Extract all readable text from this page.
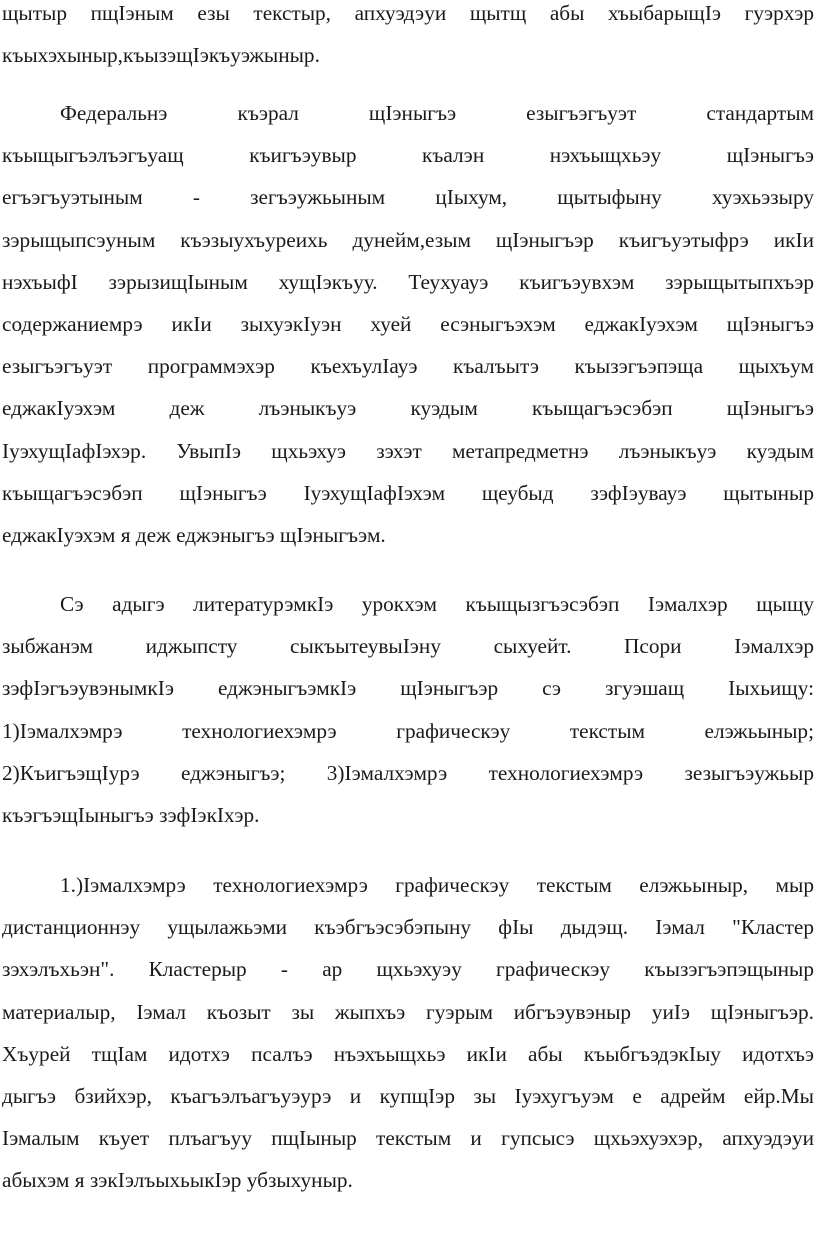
щытыр пщIэным езы текстыр, апхуэдэуи щытщ абы хъыбарыщIэ гуэрхэр
къыхэхыныр,къызэщIэкъуэжыныр.

Федеральнэ къэрал щIэныгъэ езыгъэгъуэт стандартым
къыщыгъэлъэгъуащ къигъэувыр къалэн нэхъыщхьэу щIэныгъэ
егъэгъуэтыным - зегъэужьыным цIыхум, щытыфыну хуэхьэзыру
зэрыщыпсэуным къэзыухъуреихь дунейм,езым щIэныгъэр къигъуэтыфрэ икIи
нэхъыфI зэрызищIыным хущIэкъуу. Теухуауэ къигъэувхэм зэрыщытыпхъэр
содержаниемрэ икIи зыхуэкIуэн хуей есэныгъэхэм еджакIуэхэм щIэныгъэ
езыгъэгъуэт программэхэр къехъулIауэ къалъытэ къызэгъэпэща щыхъум
еджакIуэхэм деж лъэныкъуэ куэдым къыщагъэсэбэп щIэныгъэ
IуэхущIафIэхэр. УвыпIэ щхьэхуэ зэхэт метапредметнэ лъэныкъуэ куэдым
къыщагъэсэбэп щIэныгъэ IуэхущIафIэхэм щеубыд зэфIэувауэ щытыныр
еджакIуэхэм я деж еджэныгъэ щIэныгъэм.

Сэ адыгэ литературэмкIэ урокхэм къыщызгъэсэбэп Iэмалхэр щыщу
зыбжанэм иджыпсту сыкъытеувыIэну сыхуейт. Псори Iэмалхэр
зэфIэгъэувэнымкIэ еджэныгъэмкIэ щIэныгъэр сэ згуэшащ Iыхьищу:
1)Iэмалхэмрэ технологиехэмрэ графическэу текстым елэжьыныр;
2)КъигъэщIурэ еджэныгъэ; 3)Iэмалхэмрэ технологиехэмрэ зезыгъэужьыр
къэгъэщIыныгъэ зэфIэкIхэр.

1.)Iэмалхэмрэ технологиехэмрэ графическэу текстым елэжьыныр, мыр
дистанционнэу ущылажьэми къэбгъэсэбэпыну фIы дыдэщ. Iэмал "Кластер
зэхэлъхьэн". Кластерыр - ар щхьэхуэу графическэу къызэгъэпэщыныр
материалыр, Iэмал къозыт зы жыпхъэ гуэрым ибгъэувэныр уиIэ щIэныгъэр.
Хъурей тщIам идотхэ псалъэ нъэхъыщхьэ икIи абы къыбгъэдэкIыу идотхъэ
дыгъэ бзийхэр, къагъэлъагъуэурэ и купщIэр зы Iуэхугъуэм е адрейм ейр.Мы
Iэмалым къует плъагъуу пщIыныр текстым и гупсысэ щхьэхуэхэр, апхуэдэуи
абыхэм я зэкIэлъыхьыкIэр убзыхуныр.
